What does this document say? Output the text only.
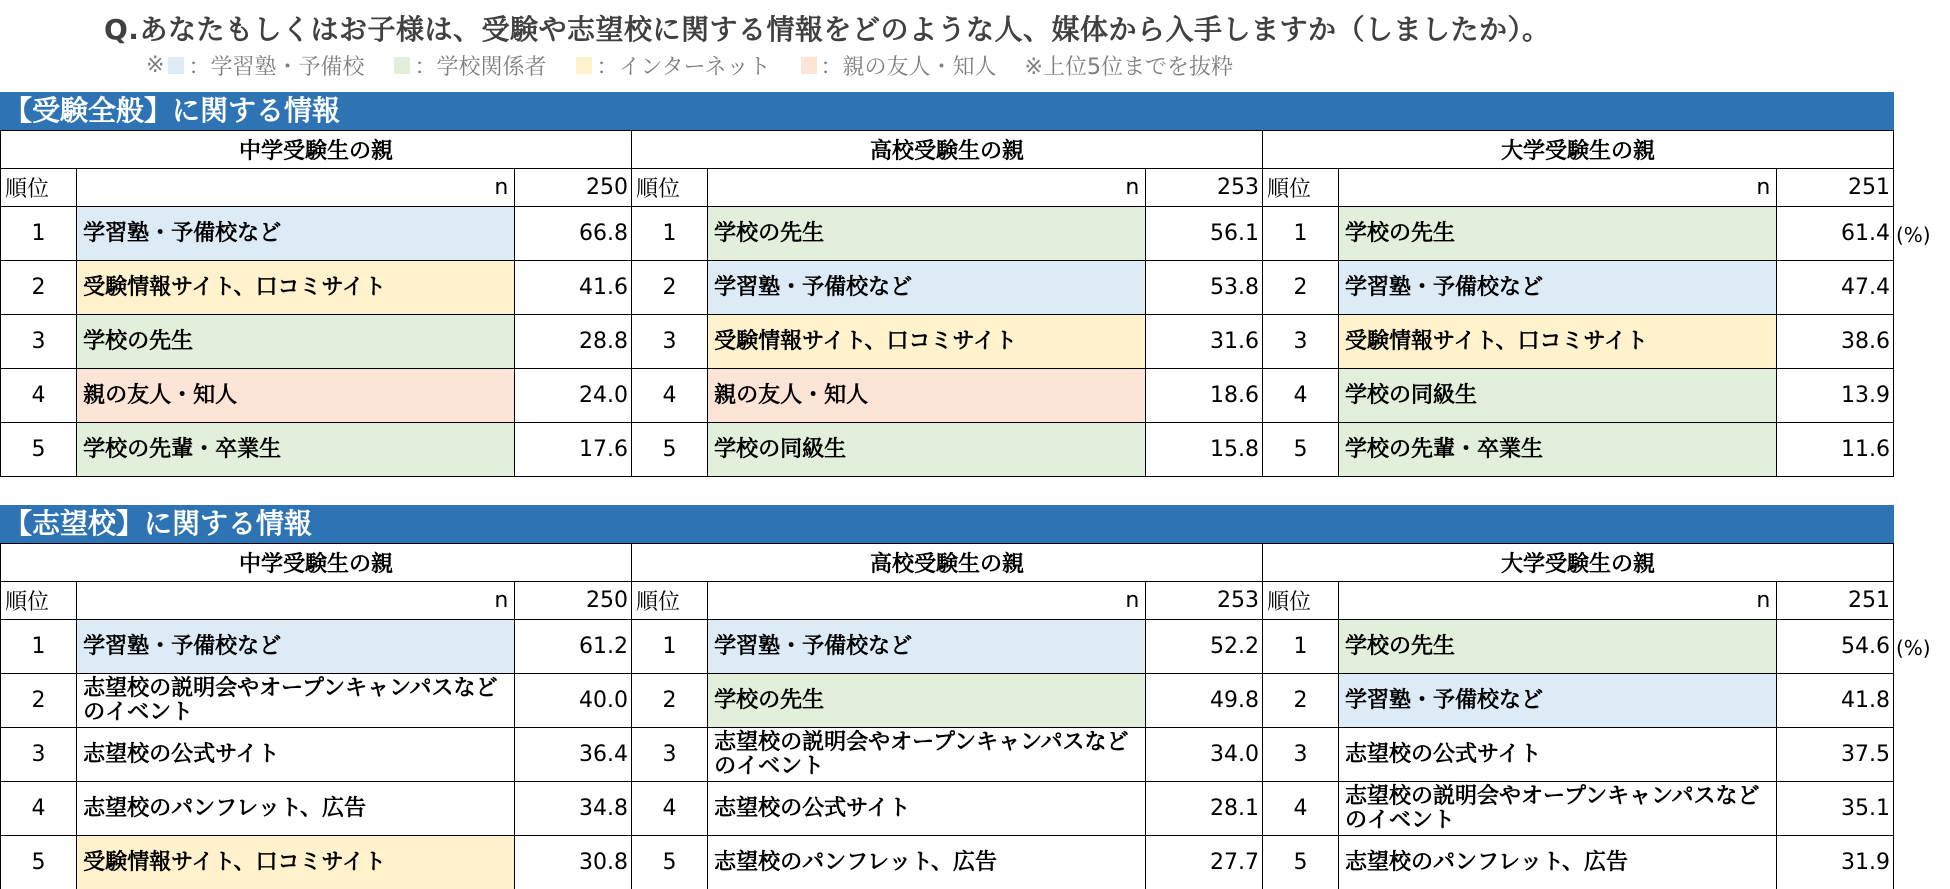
Q.あなたもしくはお子様は、受験や志望校に関する情報をどのような人、媒体から入手しますか（しましたか）。
※ ：学習塾・予備校 ：学校関係者 ：インターネット ：親の友人・知人 ※上位5位までを抜粋
【受験全般】に関する情報
中学受験生の親			高校受験生の親			大学受験生の親		
順位	n	250	順位	n	253	順位	n	251
1	学習塾・予備校など	66.8	1	学校の先生	56.1	1	学校の先生	61.4
2	受験情報サイト、口コミサイト	41.6	2	学習塾・予備校など	53.8	2	学習塾・予備校など	47.4
3	学校の先生	28.8	3	受験情報サイト、口コミサイト	31.6	3	受験情報サイト、口コミサイト	38.6
4	親の友人・知人	24.0	4	親の友人・知人	18.6	4	学校の同級生	13.9
5	学校の先輩・卒業生	17.6	5	学校の同級生	15.8	5	学校の先輩・卒業生	11.6
【志望校】に関する情報
中学受験生の親			高校受験生の親			大学受験生の親		
順位	n	250	順位	n	253	順位	n	251
1	学習塾・予備校など	61.2	1	学習塾・予備校など	52.2	1	学校の先生	54.6
2	志望校の説明会やオープンキャンパスなどのイベント	40.0	2	学校の先生	49.8	2	学習塾・予備校など	41.8
3	志望校の公式サイト	36.4	3	志望校の説明会やオープンキャンパスなどのイベント	34.0	3	志望校の公式サイト	37.5
4	志望校のパンフレット、広告	34.8	4	志望校の公式サイト	28.1	4	志望校の説明会やオープンキャンパスなどのイベント	35.1
5	受験情報サイト、口コミサイト	30.8	5	志望校のパンフレット、広告	27.7	5	志望校のパンフレット、広告	31.9
(%)
(%)
